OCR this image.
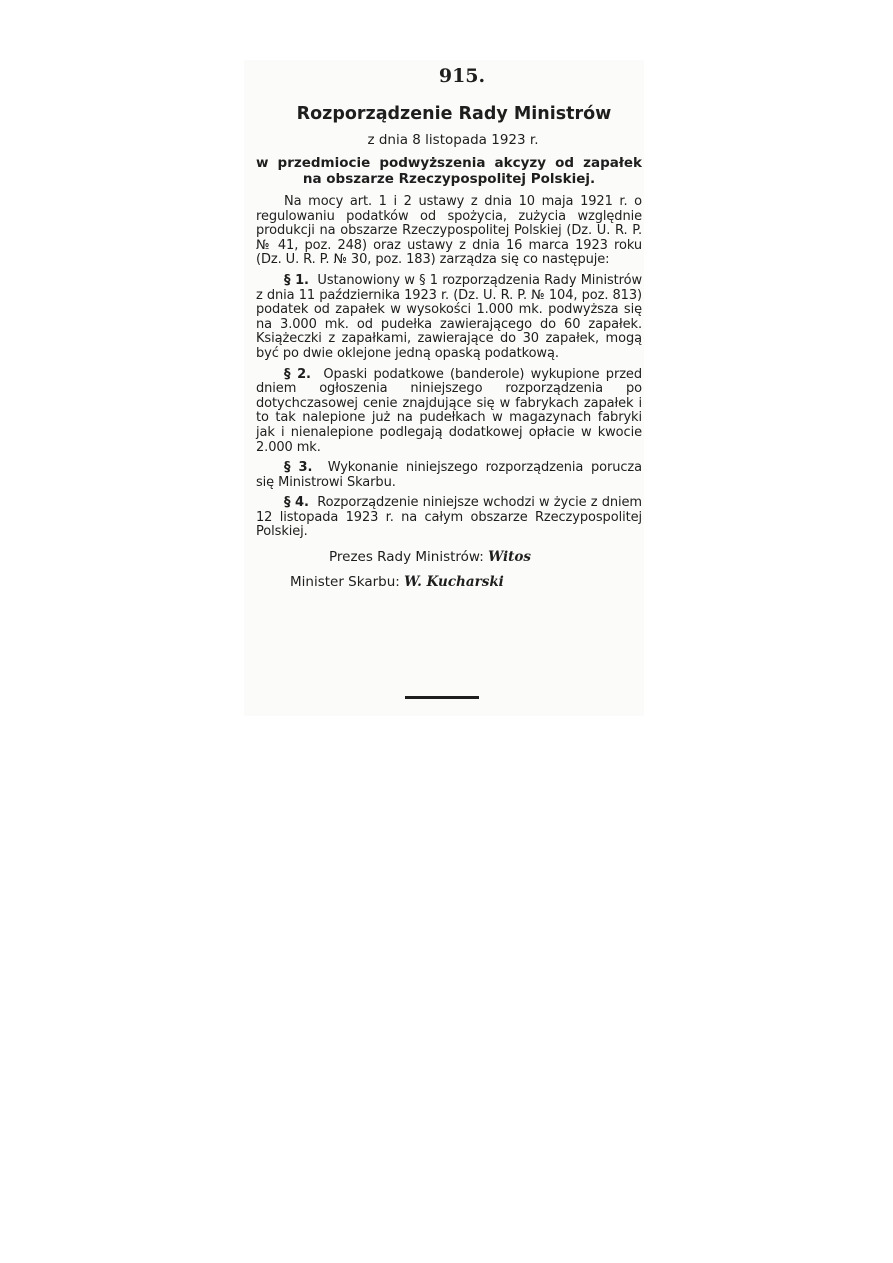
915.

Rozporządzenie Rady Ministrów

z dnia 8 listopada 1923 r.

w przedmiocie podwyższenia akcyzy od zapałek na obszarze Rzeczypospolitej Polskiej.

Na mocy art. 1 i 2 ustawy z dnia 10 maja 1921 r. o regulowaniu podatków od spożycia, zużycia względnie produkcji na obszarze Rzeczypospolitej Polskiej (Dz. U. R. P. № 41, poz. 248) oraz ustawy z dnia 16 marca 1923 roku (Dz. U. R. P. № 30, poz. 183) zarządza się co następuje:

§ 1. Ustanowiony w § 1 rozporządzenia Rady Ministrów z dnia 11 października 1923 r. (Dz. U. R. P. № 104, poz. 813) podatek od zapałek w wysokości 1.000 mk. podwyższa się na 3.000 mk. od pudełka zawierającego do 60 zapałek. Książeczki z zapałkami, zawierające do 30 zapałek, mogą być po dwie oklejone jedną opaską podatkową.

§ 2. Opaski podatkowe (banderole) wykupione przed dniem ogłoszenia niniejszego rozporządzenia po dotychczasowej cenie znajdujące się w fabrykach zapałek i to tak nalepione już na pudełkach w magazynach fabryki jak i nienalepione podlegają dodatkowej opłacie w kwocie 2.000 mk.

§ 3. Wykonanie niniejszego rozporządzenia porucza się Ministrowi Skarbu.

§ 4. Rozporządzenie niniejsze wchodzi w życie z dniem 12 listopada 1923 r. na całym obszarze Rzeczypospolitej Polskiej.

Prezes Rady Ministrów: Witos

Minister Skarbu: W. Kucharski
